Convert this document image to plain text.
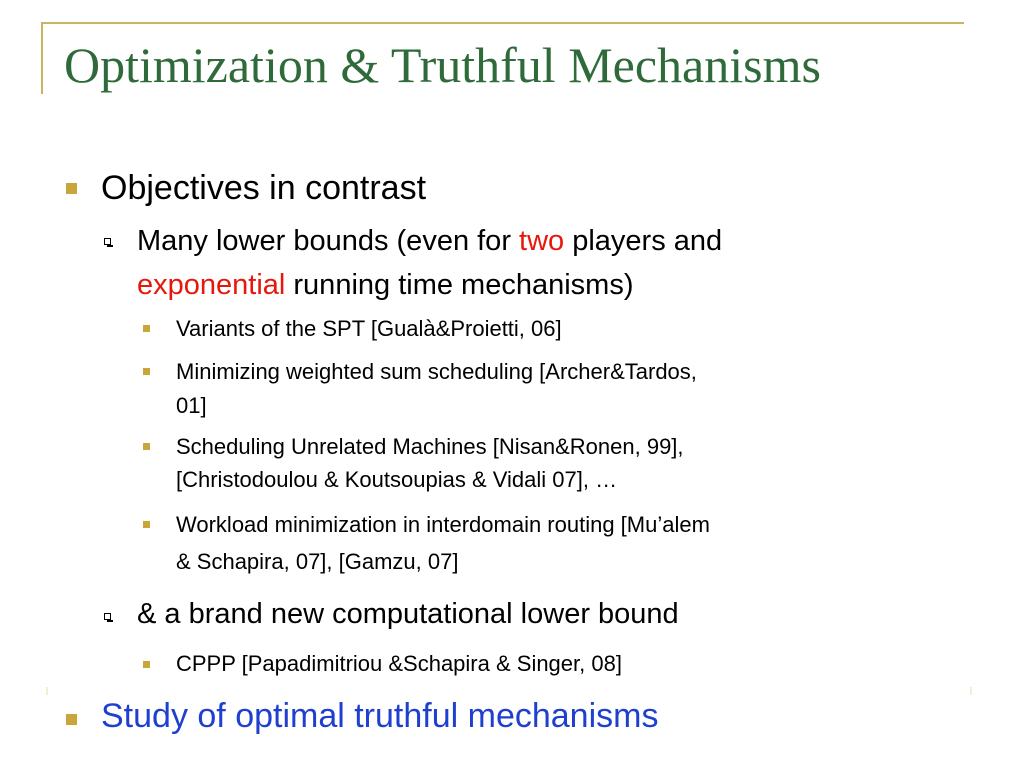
Optimization & Truthful Mechanisms
Objectives in contrast
Many lower bounds (even for two players and
exponential running time mechanisms)
Variants of the SPT [Gualà&Proietti, 06]
Minimizing weighted sum scheduling [Archer&Tardos,
01]
Scheduling Unrelated Machines [Nisan&Ronen, 99],
[Christodoulou & Koutsoupias & Vidali 07], …
Workload minimization in interdomain routing [Mu’alem
& Schapira, 07], [Gamzu, 07]
& a brand new computational lower bound
CPPP [Papadimitriou &Schapira & Singer, 08]
Study of optimal truthful mechanisms
